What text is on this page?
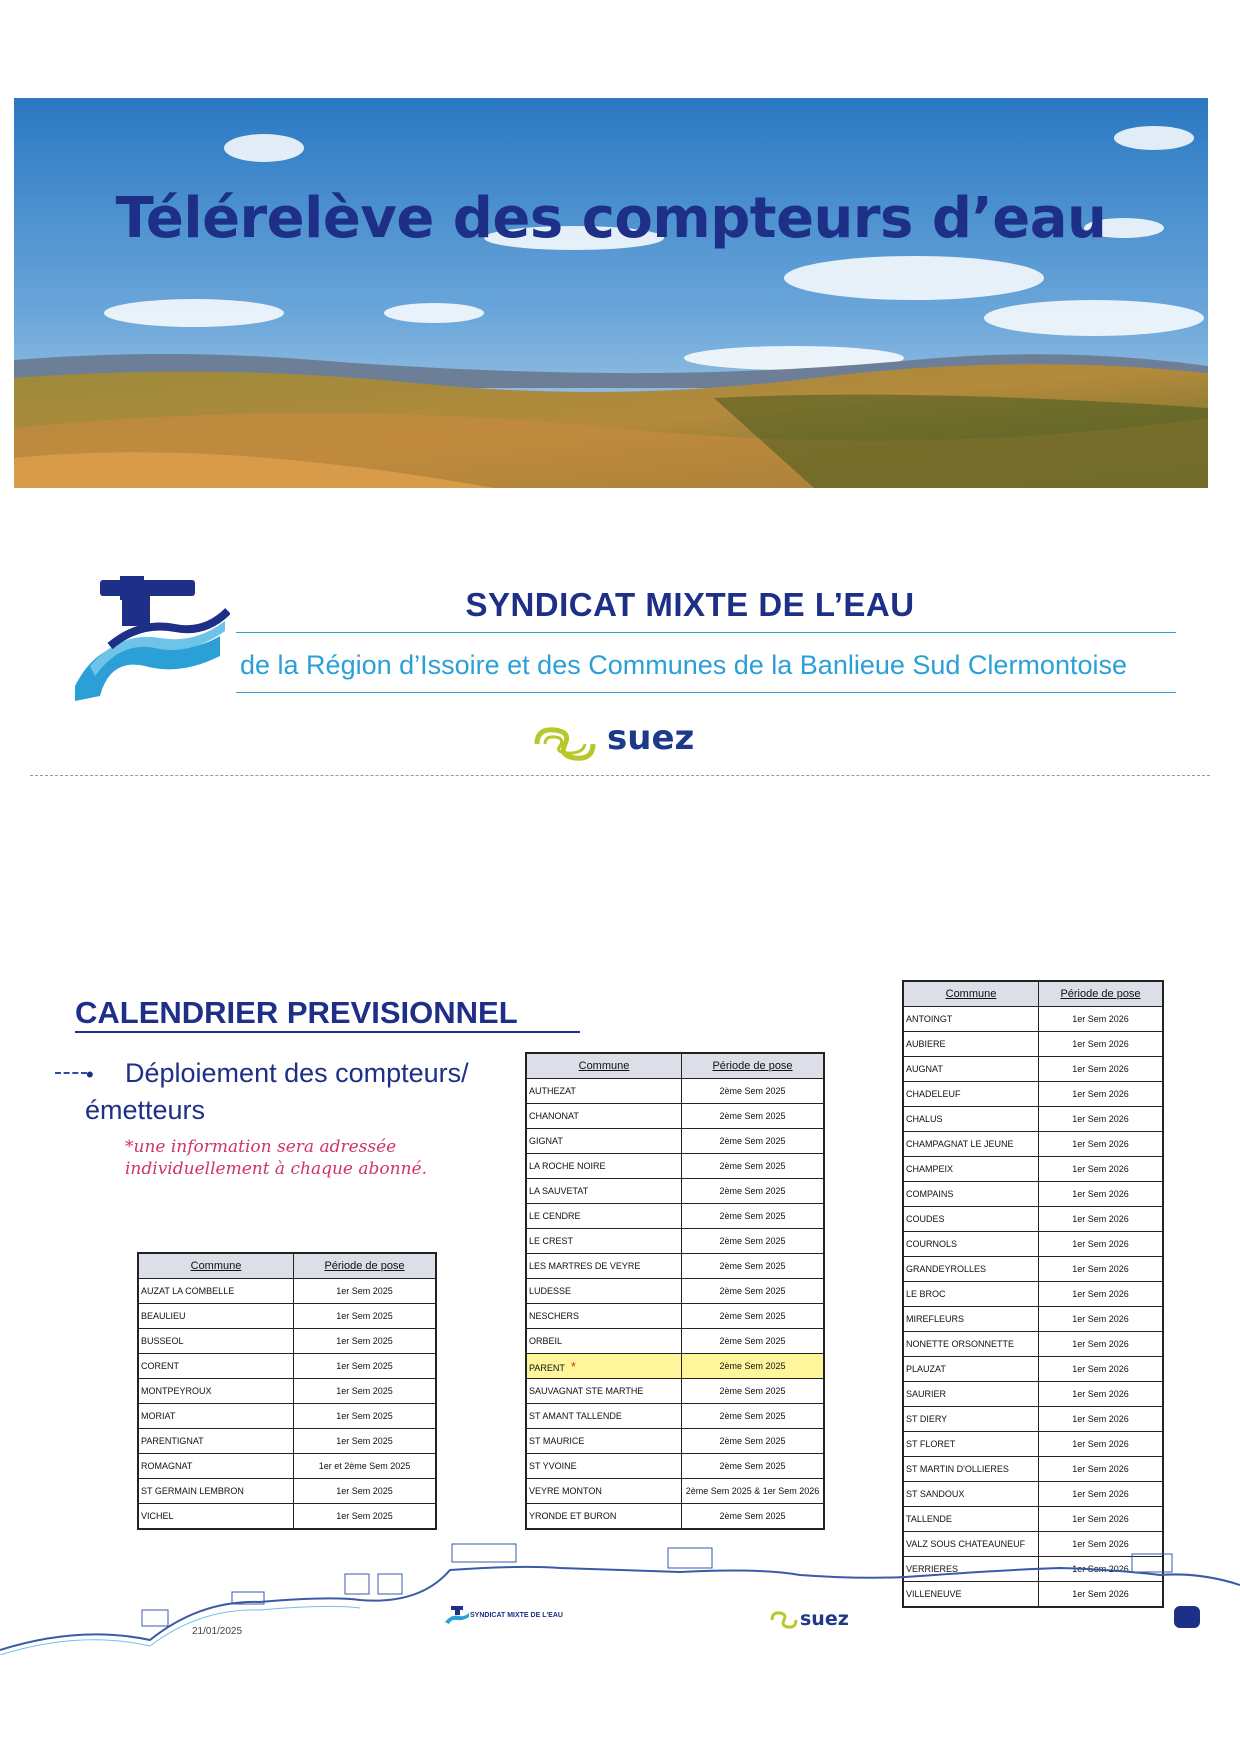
Télérelève des compteurs d’eau
SYNDICAT MIXTE DE L’EAU
de la Région d’Issoire et des Communes de la Banlieue Sud Clermontoise
suez
CALENDRIER PREVISIONNEL
•	Déploiement des compteurs/émetteurs
*une information sera adressée individuellement à chaque abonné.
Commune	Période de pose
AUZAT LA COMBELLE	1er Sem 2025
BEAULIEU	1er Sem 2025
BUSSEOL	1er Sem 2025
CORENT	1er Sem 2025
MONTPEYROUX	1er Sem 2025
MORIAT	1er Sem 2025
PARENTIGNAT	1er Sem 2025
ROMAGNAT	1er et 2ème Sem 2025
ST GERMAIN LEMBRON	1er Sem 2025
VICHEL	1er Sem 2025
Commune	Période de pose
AUTHEZAT	2ème Sem 2025
CHANONAT	2ème Sem 2025
GIGNAT	2ème Sem 2025
LA ROCHE NOIRE	2ème Sem 2025
LA SAUVETAT	2ème Sem 2025
LE CENDRE	2ème Sem 2025
LE CREST	2ème Sem 2025
LES MARTRES DE VEYRE	2ème Sem 2025
LUDESSE	2ème Sem 2025
NESCHERS	2ème Sem 2025
ORBEIL	2ème Sem 2025
PARENT *	2ème Sem 2025
SAUVAGNAT STE MARTHE	2ème Sem 2025
ST AMANT TALLENDE	2ème Sem 2025
ST MAURICE	2ème Sem 2025
ST YVOINE	2ème Sem 2025
VEYRE MONTON	2ème Sem 2025 & 1er Sem 2026
YRONDE ET BURON	2ème Sem 2025
Commune	Période de pose
ANTOINGT	1er Sem 2026
AUBIERE	1er Sem 2026
AUGNAT	1er Sem 2026
CHADELEUF	1er Sem 2026
CHALUS	1er Sem 2026
CHAMPAGNAT LE JEUNE	1er Sem 2026
CHAMPEIX	1er Sem 2026
COMPAINS	1er Sem 2026
COUDES	1er Sem 2026
COURNOLS	1er Sem 2026
GRANDEYROLLES	1er Sem 2026
LE BROC	1er Sem 2026
MIREFLEURS	1er Sem 2026
NONETTE ORSONNETTE	1er Sem 2026
PLAUZAT	1er Sem 2026
SAURIER	1er Sem 2026
ST DIERY	1er Sem 2026
ST FLORET	1er Sem 2026
ST MARTIN D'OLLIERES	1er Sem 2026
ST SANDOUX	1er Sem 2026
TALLENDE	1er Sem 2026
VALZ SOUS CHATEAUNEUF	1er Sem 2026
VERRIERES	1er Sem 2026
VILLENEUVE	1er Sem 2026
21/01/2025
SYNDICAT MIXTE DE L'EAU	suez
